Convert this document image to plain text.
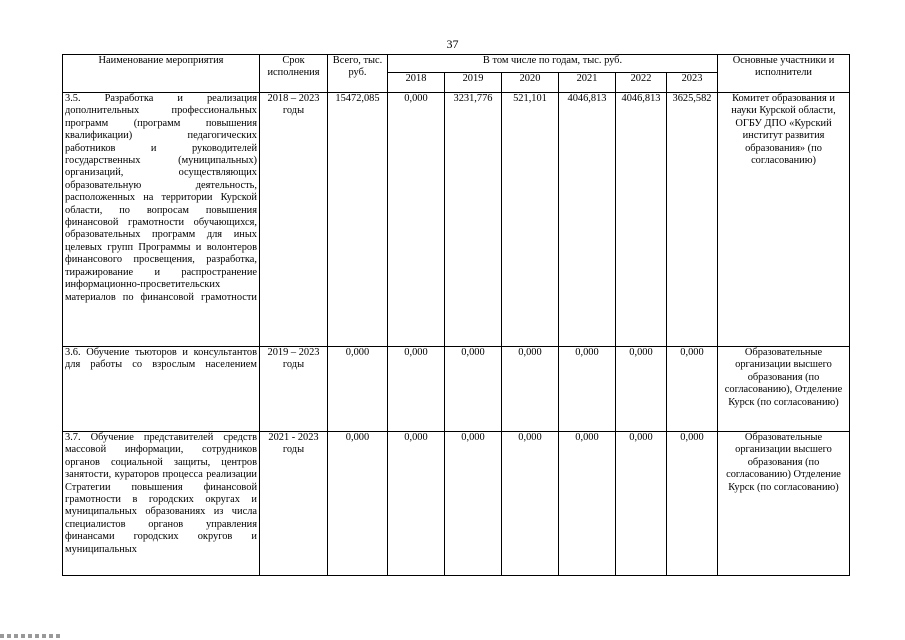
37
Наименование мероприятия	Срок исполнения	Всего, тыс. руб.	В том числе по годам, тыс. руб.						Основные участники и исполнители
			2018	2019	2020	2021	2022	2023	
3.5. Разработка и реализация дополнительных профессиональных программ (программ повышения квалификации) педагогических работников и руководителей государственных (муниципальных) организаций, осуществляющих образовательную деятельность, расположенных на территории Курской области, по вопросам повышения финансовой грамотности обучающихся, образовательных программ для иных целевых групп Программы и волонтеров финансового просвещения, разработка, тиражирование и распространение информационно-просветительских материалов по финансовой грамотности	2018 – 2023 годы	15472,085	0,000	3231,776	521,101	4046,813	4046,813	3625,582	Комитет образования и науки Курской области, ОГБУ ДПО «Курский институт развития образования» (по согласованию)
3.6. Обучение тьюторов и консультантов для работы со взрослым населением	2019 – 2023 годы	0,000	0,000	0,000	0,000	0,000	0,000	0,000	Образовательные организации высшего образования (по согласованию), Отделение Курск (по согласованию)
3.7. Обучение представителей средств массовой информации, сотрудников органов социальной защиты, центров занятости, кураторов процесса реализации Стратегии повышения финансовой грамотности в городских округах и муниципальных образованиях из числа специалистов органов управления финансами городских округов и муниципальных	2021 - 2023 годы	0,000	0,000	0,000	0,000	0,000	0,000	0,000	Образовательные организации высшего образования (по согласованию) Отделение Курск (по согласованию)
